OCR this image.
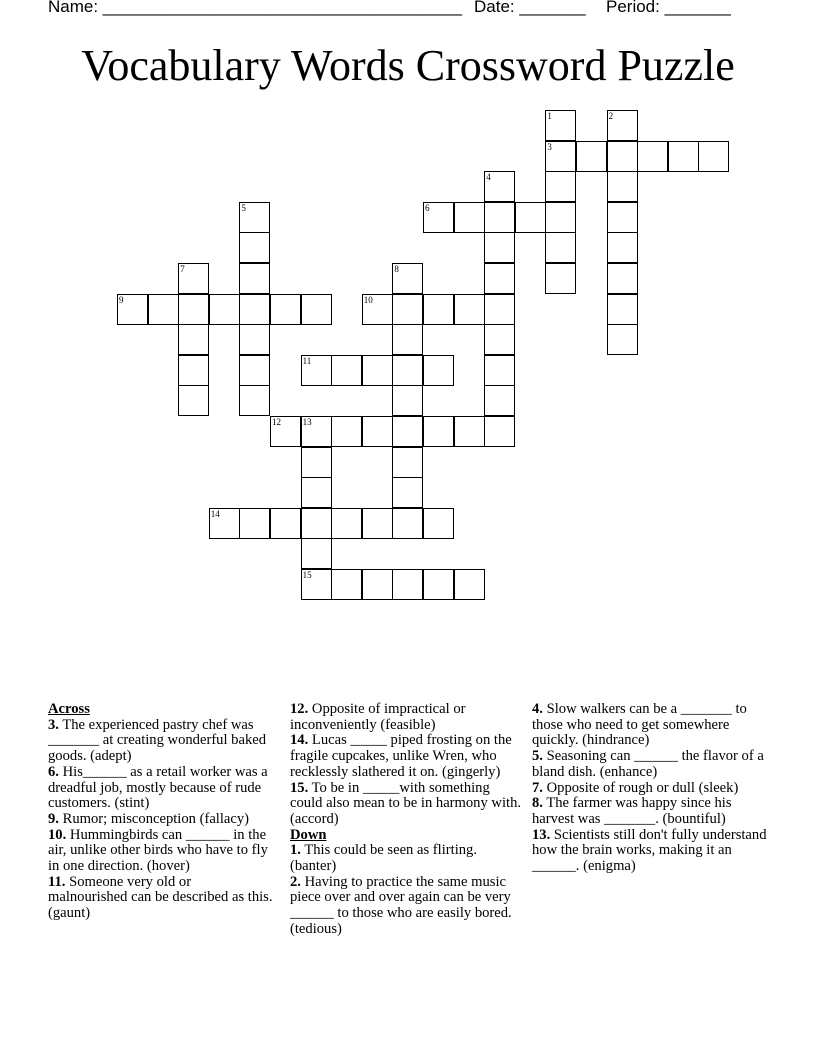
Name: ______________________________________ Date: _______ Period: _______
Vocabulary Words Crossword Puzzle
1
3
2
4
5	6
7	8
9	10
11
12 13
15
14
Across
3. The experienced pastry chef was _______ at creating wonderful baked goods. (adept)
6. His______ as a retail worker was a dreadful job, mostly because of rude customers. (stint)
9. Rumor; misconception (fallacy)
10. Hummingbirds can ______ in the air, unlike other birds who have to fly in one direction. (hover)
11. Someone very old or malnourished can be described as this. (gaunt)
12. Opposite of impractical or inconveniently (feasible)
14. Lucas _____ piped frosting on the fragile cupcakes, unlike Wren, who recklessly slathered it on. (gingerly)
15. To be in _____with something could also mean to be in harmony with. (accord)
Down
1. This could be seen as flirting. (banter)
2. Having to practice the same music piece over and over again can be very ______ to those who are easily bored. (tedious)
4. Slow walkers can be a _______ to those who need to get somewhere quickly. (hindrance)
5. Seasoning can ______ the flavor of a bland dish. (enhance)
7. Opposite of rough or dull (sleek)
8. The farmer was happy since his harvest was _______. (bountiful)
13. Scientists still don't fully understand how the brain works, making it an ______. (enigma)
